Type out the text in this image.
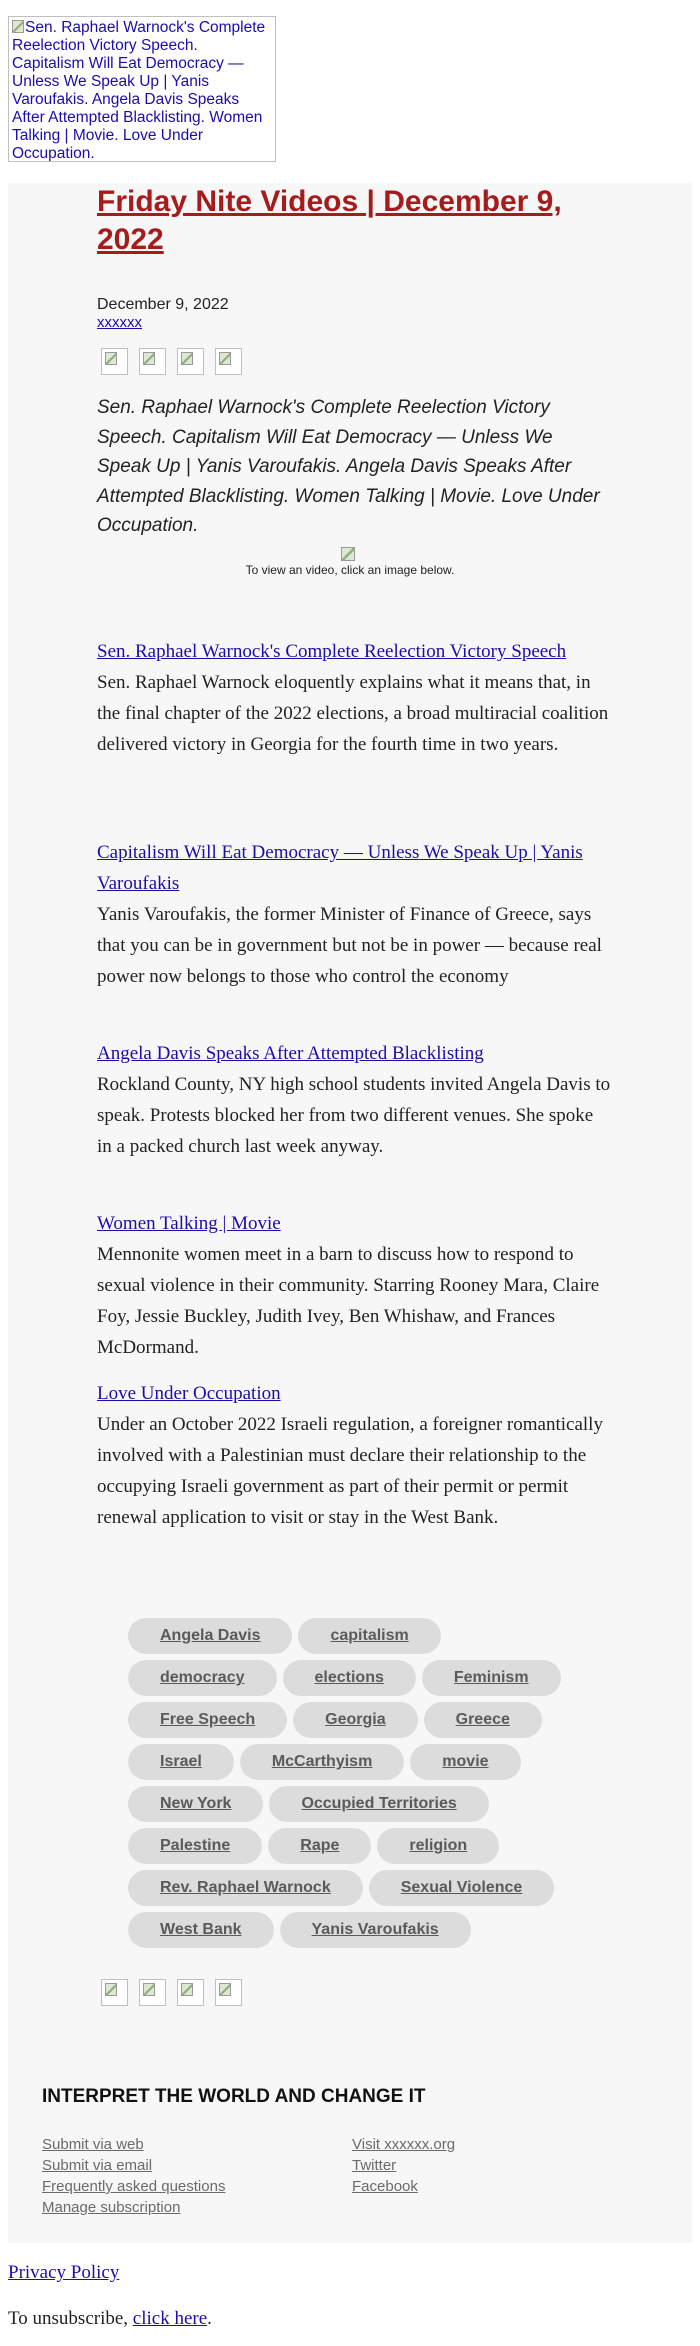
Sen. Raphael Warnock's Complete Reelection Victory Speech. Capitalism Will Eat Democracy — Unless We Speak Up | Yanis Varoufakis. Angela Davis Speaks After Attempted Blacklisting. Women Talking | Movie. Love Under Occupation.
Friday Nite Videos | December 9, 2022
December 9, 2022
xxxxxx
Sen. Raphael Warnock's Complete Reelection Victory Speech. Capitalism Will Eat Democracy — Unless We Speak Up | Yanis Varoufakis. Angela Davis Speaks After Attempted Blacklisting. Women Talking | Movie. Love Under Occupation.
To view an video, click an image below.
Sen. Raphael Warnock's Complete Reelection Victory Speech
Sen. Raphael Warnock eloquently explains what it means that, in the final chapter of the 2022 elections, a broad multiracial coalition delivered victory in Georgia for the fourth time in two years.
Capitalism Will Eat Democracy — Unless We Speak Up | Yanis Varoufakis
Yanis Varoufakis, the former Minister of Finance of Greece, says that you can be in government but not be in power — because real power now belongs to those who control the economy
Angela Davis Speaks After Attempted Blacklisting
Rockland County, NY high school students invited Angela Davis to speak. Protests blocked her from two different venues. She spoke in a packed church last week anyway.
Women Talking | Movie
Mennonite women meet in a barn to discuss how to respond to sexual violence in their community. Starring Rooney Mara, Claire Foy, Jessie Buckley, Judith Ivey, Ben Whishaw, and Frances McDormand.
Love Under Occupation
Under an October 2022 Israeli regulation, a foreigner romantically involved with a Palestinian must declare their relationship to the occupying Israeli government as part of their permit or permit renewal application to visit or stay in the West Bank.
Angela Davis	capitalism
democracy	elections	Feminism
Free Speech	Georgia	Greece
Israel	McCarthyism	movie
New York	Occupied Territories
Palestine	Rape	religion
Rev. Raphael Warnock	Sexual Violence
West Bank	Yanis Varoufakis
INTERPRET THE WORLD AND CHANGE IT
Submit via web
Submit via email
Frequently asked questions
Manage subscription
Visit xxxxxx.org
Twitter
Facebook
Privacy Policy
To unsubscribe, click here.
